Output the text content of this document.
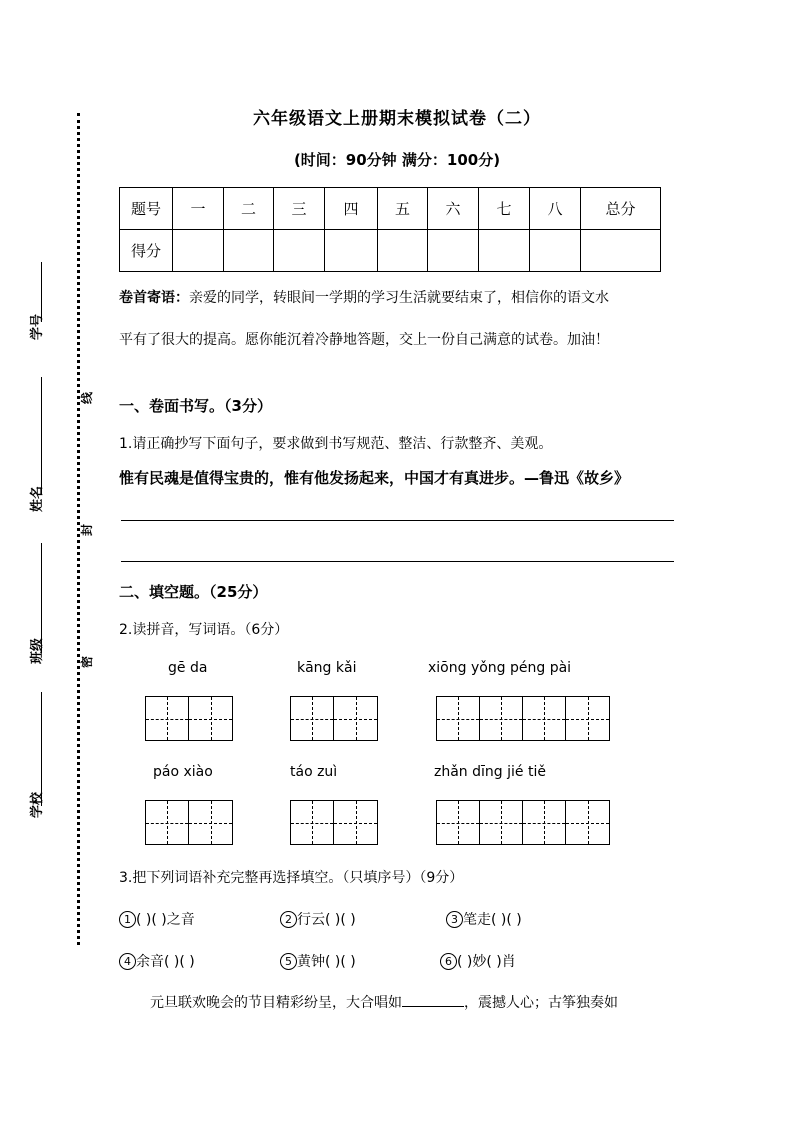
学号
姓名
班级
学校
线
封
密
六年级语文上册期末模拟试卷（二）
(时间：90分钟 满分：100分)
题号	一	二	三	四	五	六	七	八	总分
得分									
卷首寄语：亲爱的同学，转眼间一学期的学习生活就要结束了，相信你的语文水
平有了很大的提高。愿你能沉着冷静地答题，交上一份自己满意的试卷。加油！
一、卷面书写。（3分）
1.请正确抄写下面句子，要求做到书写规范、整洁、行款整齐、美观。
惟有民魂是值得宝贵的，惟有他发扬起来，中国才有真进步。—鲁迅《故乡》
二、填空题。（25分）
2.读拼音，写词语。（6分）
gē da	kāng kǎi	xiōng yǒng péng pài
páo xiào	táo zuì	zhǎn dīng jié tiě
3.把下列词语补充完整再选择填空。（只填序号）（9分）
1 ( )( )之音	2 行云( )( )	3 笔走( )( )
4 余音( )( )	5 黄钟( )( )	6 ( )妙( )肖
元旦联欢晚会的节目精彩纷呈，大合唱如	，震撼人心；古筝独奏如
